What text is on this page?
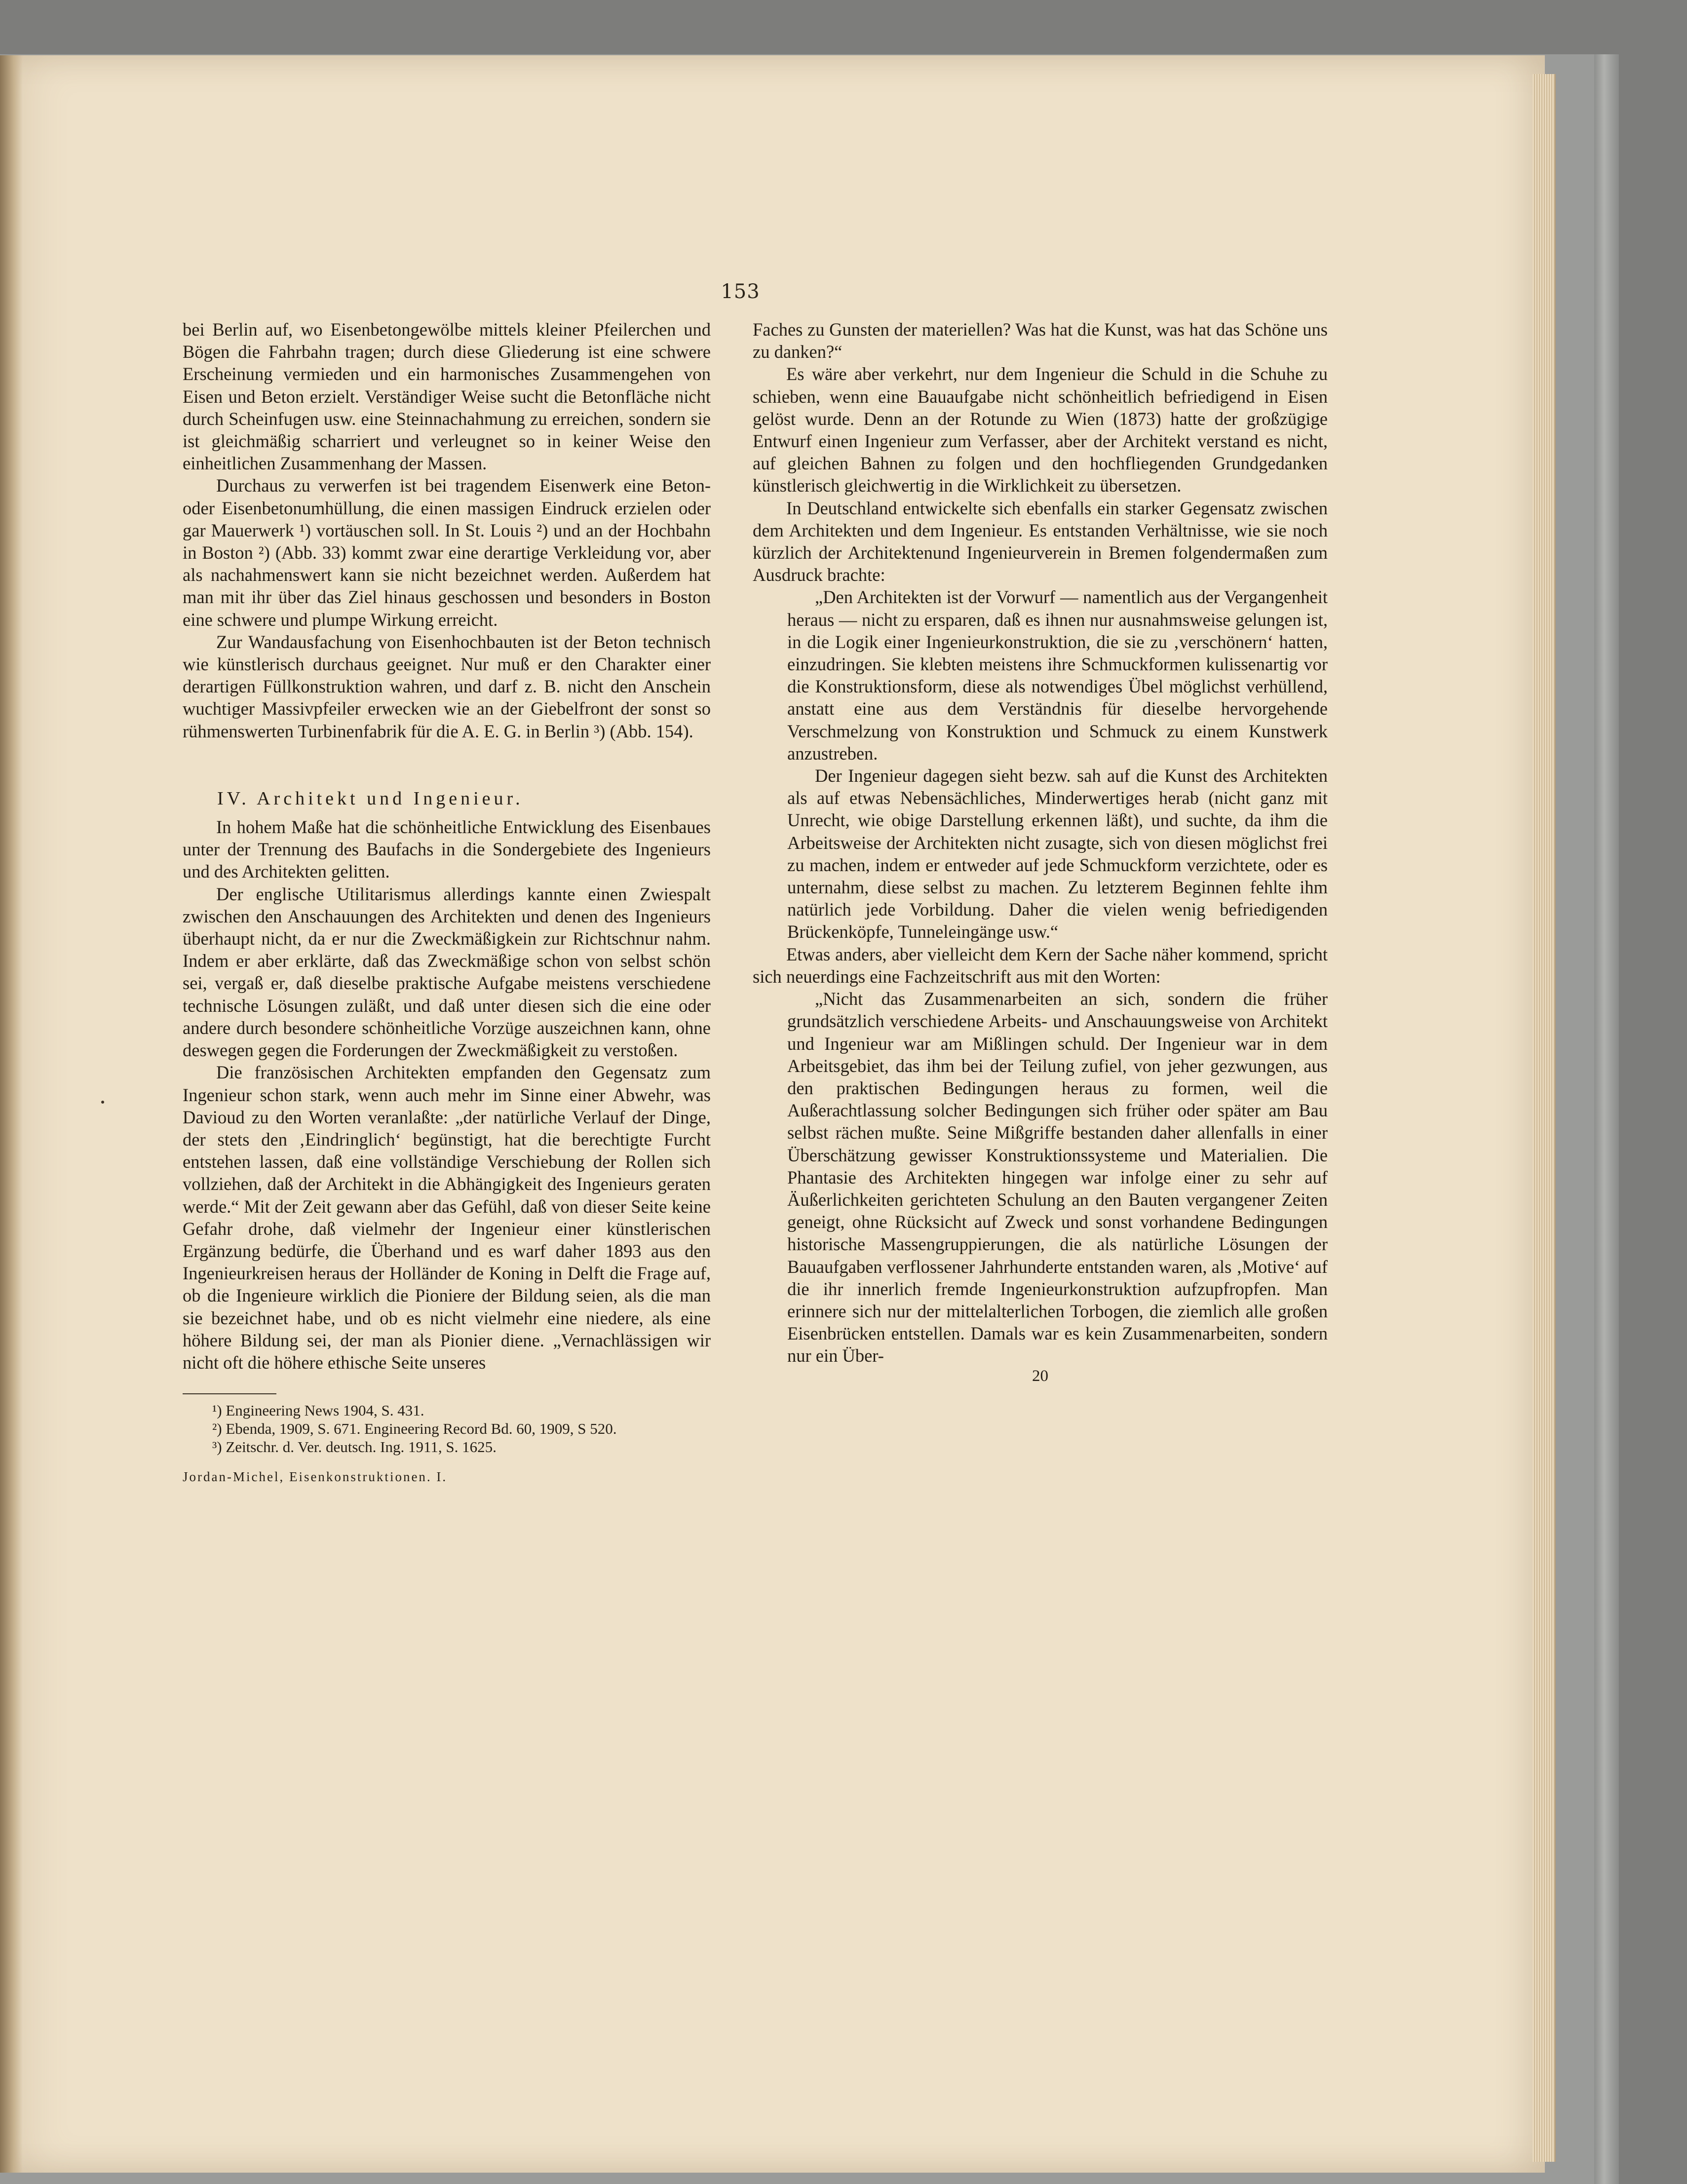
153

bei Berlin auf, wo Eisenbetongewölbe mittels kleiner Pfeilerchen und Bögen die Fahrbahn tragen; durch diese Gliederung ist eine schwere Erscheinung vermieden und ein harmonisches Zusammengehen von Eisen und Beton erzielt. Verständiger Weise sucht die Betonfläche nicht durch Scheinfugen usw. eine Steinnachahmung zu erreichen, sondern sie ist gleichmäßig scharriert und verleugnet so in keiner Weise den einheitlichen Zusammenhang der Massen.

Durchaus zu verwerfen ist bei tragendem Eisenwerk eine Beton- oder Eisenbetonumhüllung, die einen massigen Eindruck erzielen oder gar Mauerwerk ¹) vortäuschen soll. In St. Louis ²) und an der Hochbahn in Boston ²) (Abb. 33) kommt zwar eine derartige Verkleidung vor, aber als nachahmenswert kann sie nicht bezeichnet werden. Außerdem hat man mit ihr über das Ziel hinaus geschossen und besonders in Boston eine schwere und plumpe Wirkung erreicht.

Zur Wandausfachung von Eisenhochbauten ist der Beton technisch wie künstlerisch durchaus geeignet. Nur muß er den Charakter einer derartigen Füllkonstruktion wahren, und darf z. B. nicht den Anschein wuchtiger Massivpfeiler erwecken wie an der Giebelfront der sonst so rühmenswerten Turbinenfabrik für die A. E. G. in Berlin ³) (Abb. 154).

IV. Architekt und Ingenieur.

In hohem Maße hat die schönheitliche Entwicklung des Eisenbaues unter der Trennung des Baufachs in die Sondergebiete des Ingenieurs und des Architekten gelitten.

Der englische Utilitarismus allerdings kannte einen Zwiespalt zwischen den Anschauungen des Architekten und denen des Ingenieurs überhaupt nicht, da er nur die Zweckmäßigkein zur Richtschnur nahm. Indem er aber erklärte, daß das Zweckmäßige schon von selbst schön sei, vergaß er, daß dieselbe praktische Aufgabe meistens verschiedene technische Lösungen zuläßt, und daß unter diesen sich die eine oder andere durch besondere schönheitliche Vorzüge auszeichnen kann, ohne deswegen gegen die Forderungen der Zweckmäßigkeit zu verstoßen.

Die französischen Architekten empfanden den Gegensatz zum Ingenieur schon stark, wenn auch mehr im Sinne einer Abwehr, was Davioud zu den Worten veranlaßte: „der natürliche Verlauf der Dinge, der stets den ‚Eindringlich‘ begünstigt, hat die berechtigte Furcht entstehen lassen, daß eine vollständige Verschiebung der Rollen sich vollziehen, daß der Architekt in die Abhängigkeit des Ingenieurs geraten werde.“ Mit der Zeit gewann aber das Gefühl, daß von dieser Seite keine Gefahr drohe, daß vielmehr der Ingenieur einer künstlerischen Ergänzung bedürfe, die Überhand und es warf daher 1893 aus den Ingenieurkreisen heraus der Holländer de Koning in Delft die Frage auf, ob die Ingenieure wirklich die Pioniere der Bildung seien, als die man sie bezeichnet habe, und ob es nicht vielmehr eine niedere, als eine höhere Bildung sei, der man als Pionier diene. „Vernachlässigen wir nicht oft die höhere ethische Seite unseres

¹) Engineering News 1904, S. 431.

²) Ebenda, 1909, S. 671. Engineering Record Bd. 60, 1909, S 520.

³) Zeitschr. d. Ver. deutsch. Ing. 1911, S. 1625.

Jordan-Michel, Eisenkonstruktionen. I.

Faches zu Gunsten der materiellen? Was hat die Kunst, was hat das Schöne uns zu danken?“

Es wäre aber verkehrt, nur dem Ingenieur die Schuld in die Schuhe zu schieben, wenn eine Bauaufgabe nicht schönheitlich befriedigend in Eisen gelöst wurde. Denn an der Rotunde zu Wien (1873) hatte der großzügige Entwurf einen Ingenieur zum Verfasser, aber der Architekt verstand es nicht, auf gleichen Bahnen zu folgen und den hochfliegenden Grundgedanken künstlerisch gleichwertig in die Wirklichkeit zu übersetzen.

In Deutschland entwickelte sich ebenfalls ein starker Gegensatz zwischen dem Architekten und dem Ingenieur. Es entstanden Verhältnisse, wie sie noch kürzlich der Architektenund Ingenieurverein in Bremen folgendermaßen zum Ausdruck brachte:

„Den Architekten ist der Vorwurf — namentlich aus der Vergangenheit heraus — nicht zu ersparen, daß es ihnen nur ausnahmsweise gelungen ist, in die Logik einer Ingenieurkonstruktion, die sie zu ‚verschönern‘ hatten, einzudringen. Sie klebten meistens ihre Schmuckformen kulissenartig vor die Konstruktionsform, diese als notwendiges Übel möglichst verhüllend, anstatt eine aus dem Verständnis für dieselbe hervorgehende Verschmelzung von Konstruktion und Schmuck zu einem Kunstwerk anzustreben.

Der Ingenieur dagegen sieht bezw. sah auf die Kunst des Architekten als auf etwas Nebensächliches, Minderwertiges herab (nicht ganz mit Unrecht, wie obige Darstellung erkennen läßt), und suchte, da ihm die Arbeitsweise der Architekten nicht zusagte, sich von diesen möglichst frei zu machen, indem er entweder auf jede Schmuckform verzichtete, oder es unternahm, diese selbst zu machen. Zu letzterem Beginnen fehlte ihm natürlich jede Vorbildung. Daher die vielen wenig befriedigenden Brückenköpfe, Tunneleingänge usw.“

Etwas anders, aber vielleicht dem Kern der Sache näher kommend, spricht sich neuerdings eine Fachzeitschrift aus mit den Worten:

„Nicht das Zusammenarbeiten an sich, sondern die früher grundsätzlich verschiedene Arbeits- und Anschauungsweise von Architekt und Ingenieur war am Mißlingen schuld. Der Ingenieur war in dem Arbeitsgebiet, das ihm bei der Teilung zufiel, von jeher gezwungen, aus den praktischen Bedingungen heraus zu formen, weil die Außerachtlassung solcher Bedingungen sich früher oder später am Bau selbst rächen mußte. Seine Mißgriffe bestanden daher allenfalls in einer Überschätzung gewisser Konstruktionssysteme und Materialien. Die Phantasie des Architekten hingegen war infolge einer zu sehr auf Äußerlichkeiten gerichteten Schulung an den Bauten vergangener Zeiten geneigt, ohne Rücksicht auf Zweck und sonst vorhandene Bedingungen historische Massengruppierungen, die als natürliche Lösungen der Bauaufgaben verflossener Jahrhunderte entstanden waren, als ‚Motive‘ auf die ihr innerlich fremde Ingenieurkonstruktion aufzupfropfen. Man erinnere sich nur der mittelalterlichen Torbogen, die ziemlich alle großen Eisenbrücken entstellen. Damals war es kein Zusammenarbeiten, sondern nur ein Über-

20
